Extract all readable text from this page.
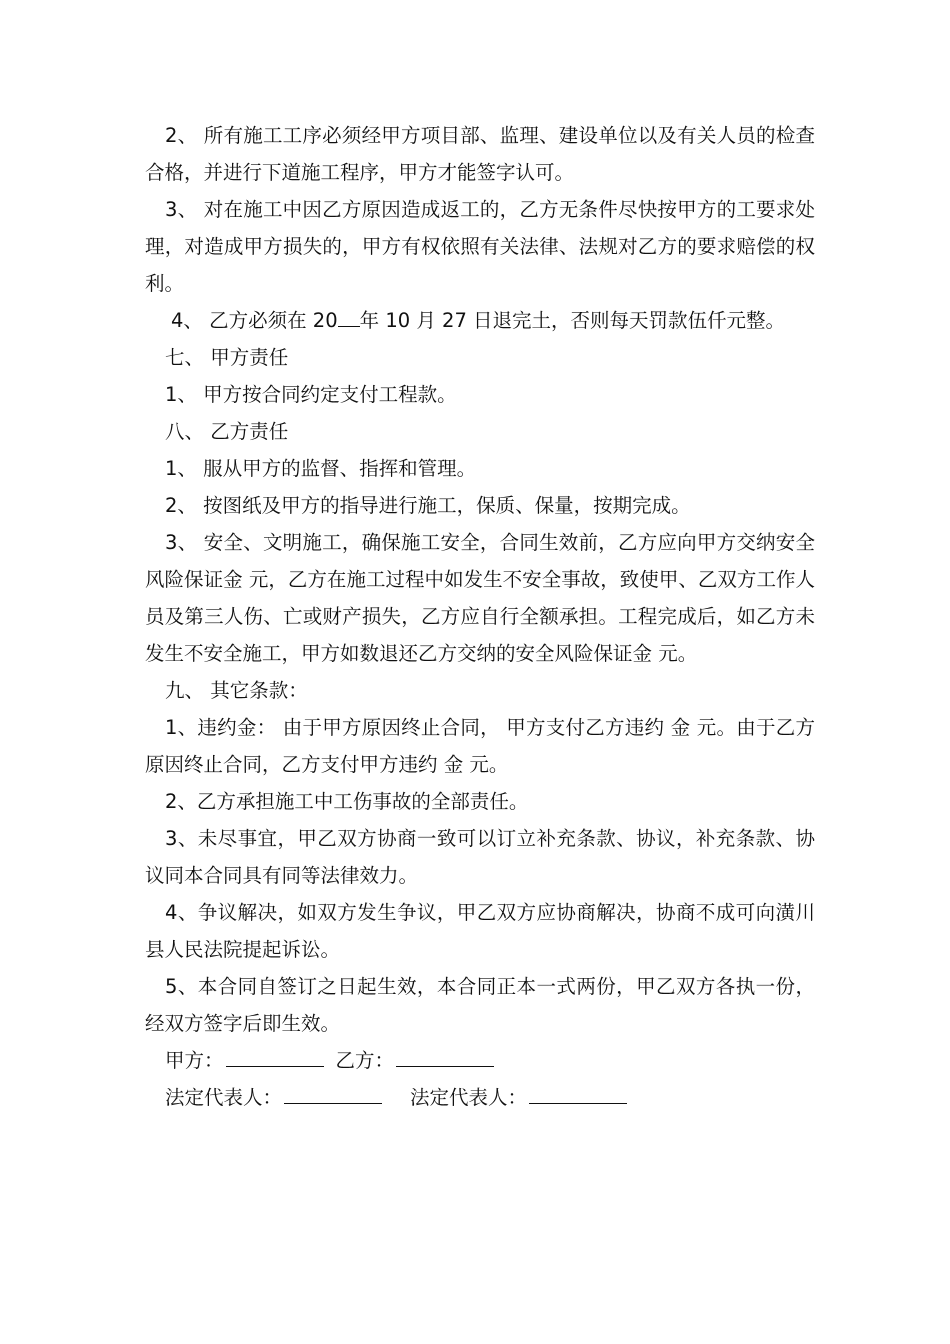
2、 所有施工工序必须经甲方项目部、监理、建设单位以及有关人员的检查合格，并进行下道施工程序，甲方才能签字认可。

3、 对在施工中因乙方原因造成返工的，乙方无条件尽快按甲方的工要求处理，对造成甲方损失的，甲方有权依照有关法律、法规对乙方的要求赔偿的权利。

4、 乙方必须在 20 年 10 月 27 日退完土，否则每天罚款伍仟元整。

七、 甲方责任

1、 甲方按合同约定支付工程款。

八、 乙方责任

1、 服从甲方的监督、指挥和管理。

2、 按图纸及甲方的指导进行施工，保质、保量，按期完成。

3、 安全、文明施工，确保施工安全，合同生效前，乙方应向甲方交纳安全风险保证金 元，乙方在施工过程中如发生不安全事故，致使甲、乙双方工作人员及第三人伤、亡或财产损失，乙方应自行全额承担。工程完成后，如乙方未发生不安全施工，甲方如数退还乙方交纳的安全风险保证金 元。

九、 其它条款：

1、违约金： 由于甲方原因终止合同， 甲方支付乙方违约 金 元。由于乙方原因终止合同，乙方支付甲方违约 金 元。

2、乙方承担施工中工伤事故的全部责任。

3、未尽事宜，甲乙双方协商一致可以订立补充条款、协议，补充条款、协议同本合同具有同等法律效力。

4、争议解决，如双方发生争议，甲乙双方应协商解决，协商不成可向潢川县人民法院提起诉讼。

5、本合同自签订之日起生效，本合同正本一式两份，甲乙双方各执一份，经双方签字后即生效。

甲方：	乙方：

法定代表人：	法定代表人：
